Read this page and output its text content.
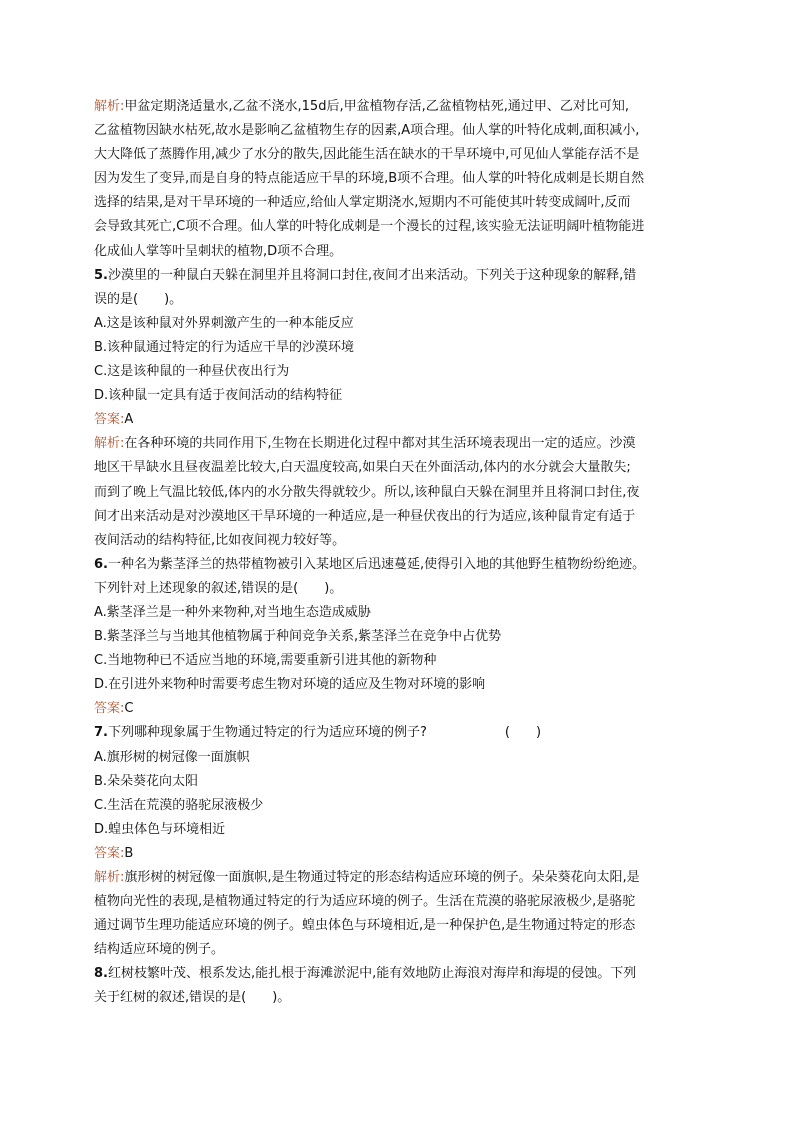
解析:甲盆定期浇适量水,乙盆不浇水,15d后,甲盆植物存活,乙盆植物枯死,通过甲、乙对比可知,
乙盆植物因缺水枯死,故水是影响乙盆植物生存的因素,A项合理。仙人掌的叶特化成刺,面积减小,
大大降低了蒸腾作用,减少了水分的散失,因此能生活在缺水的干旱环境中,可见仙人掌能存活不是
因为发生了变异,而是自身的特点能适应干旱的环境,B项不合理。仙人掌的叶特化成刺是长期自然
选择的结果,是对干旱环境的一种适应,给仙人掌定期浇水,短期内不可能使其叶转变成阔叶,反而
会导致其死亡,C项不合理。仙人掌的叶特化成刺是一个漫长的过程,该实验无法证明阔叶植物能进
化成仙人掌等叶呈刺状的植物,D项不合理。
5.沙漠里的一种鼠白天躲在洞里并且将洞口封住,夜间才出来活动。下列关于这种现象的解释,错
误的是(　　)。
A.这是该种鼠对外界刺激产生的一种本能反应
B.该种鼠通过特定的行为适应干旱的沙漠环境
C.这是该种鼠的一种昼伏夜出行为
D.该种鼠一定具有适于夜间活动的结构特征
答案:A
解析:在各种环境的共同作用下,生物在长期进化过程中都对其生活环境表现出一定的适应。沙漠
地区干旱缺水且昼夜温差比较大,白天温度较高,如果白天在外面活动,体内的水分就会大量散失;
而到了晚上气温比较低,体内的水分散失得就较少。所以,该种鼠白天躲在洞里并且将洞口封住,夜
间才出来活动是对沙漠地区干旱环境的一种适应,是一种昼伏夜出的行为适应,该种鼠肯定有适于
夜间活动的结构特征,比如夜间视力较好等。
6.一种名为紫茎泽兰的热带植物被引入某地区后迅速蔓延,使得引入地的其他野生植物纷纷绝迹。
下列针对上述现象的叙述,错误的是(　　)。
A.紫茎泽兰是一种外来物种,对当地生态造成威胁
B.紫茎泽兰与当地其他植物属于种间竞争关系,紫茎泽兰在竞争中占优势
C.当地物种已不适应当地的环境,需要重新引进其他的新物种
D.在引进外来物种时需要考虑生物对环境的适应及生物对环境的影响
答案:C
7.下列哪种现象属于生物通过特定的行为适应环境的例子?　　　　　　(　　)
A.旗形树的树冠像一面旗帜
B.朵朵葵花向太阳
C.生活在荒漠的骆驼尿液极少
D.蝗虫体色与环境相近
答案:B
解析:旗形树的树冠像一面旗帜,是生物通过特定的形态结构适应环境的例子。朵朵葵花向太阳,是
植物向光性的表现,是植物通过特定的行为适应环境的例子。生活在荒漠的骆驼尿液极少,是骆驼
通过调节生理功能适应环境的例子。蝗虫体色与环境相近,是一种保护色,是生物通过特定的形态
结构适应环境的例子。
8.红树枝繁叶茂、根系发达,能扎根于海滩淤泥中,能有效地防止海浪对海岸和海堤的侵蚀。下列
关于红树的叙述,错误的是(　　)。
